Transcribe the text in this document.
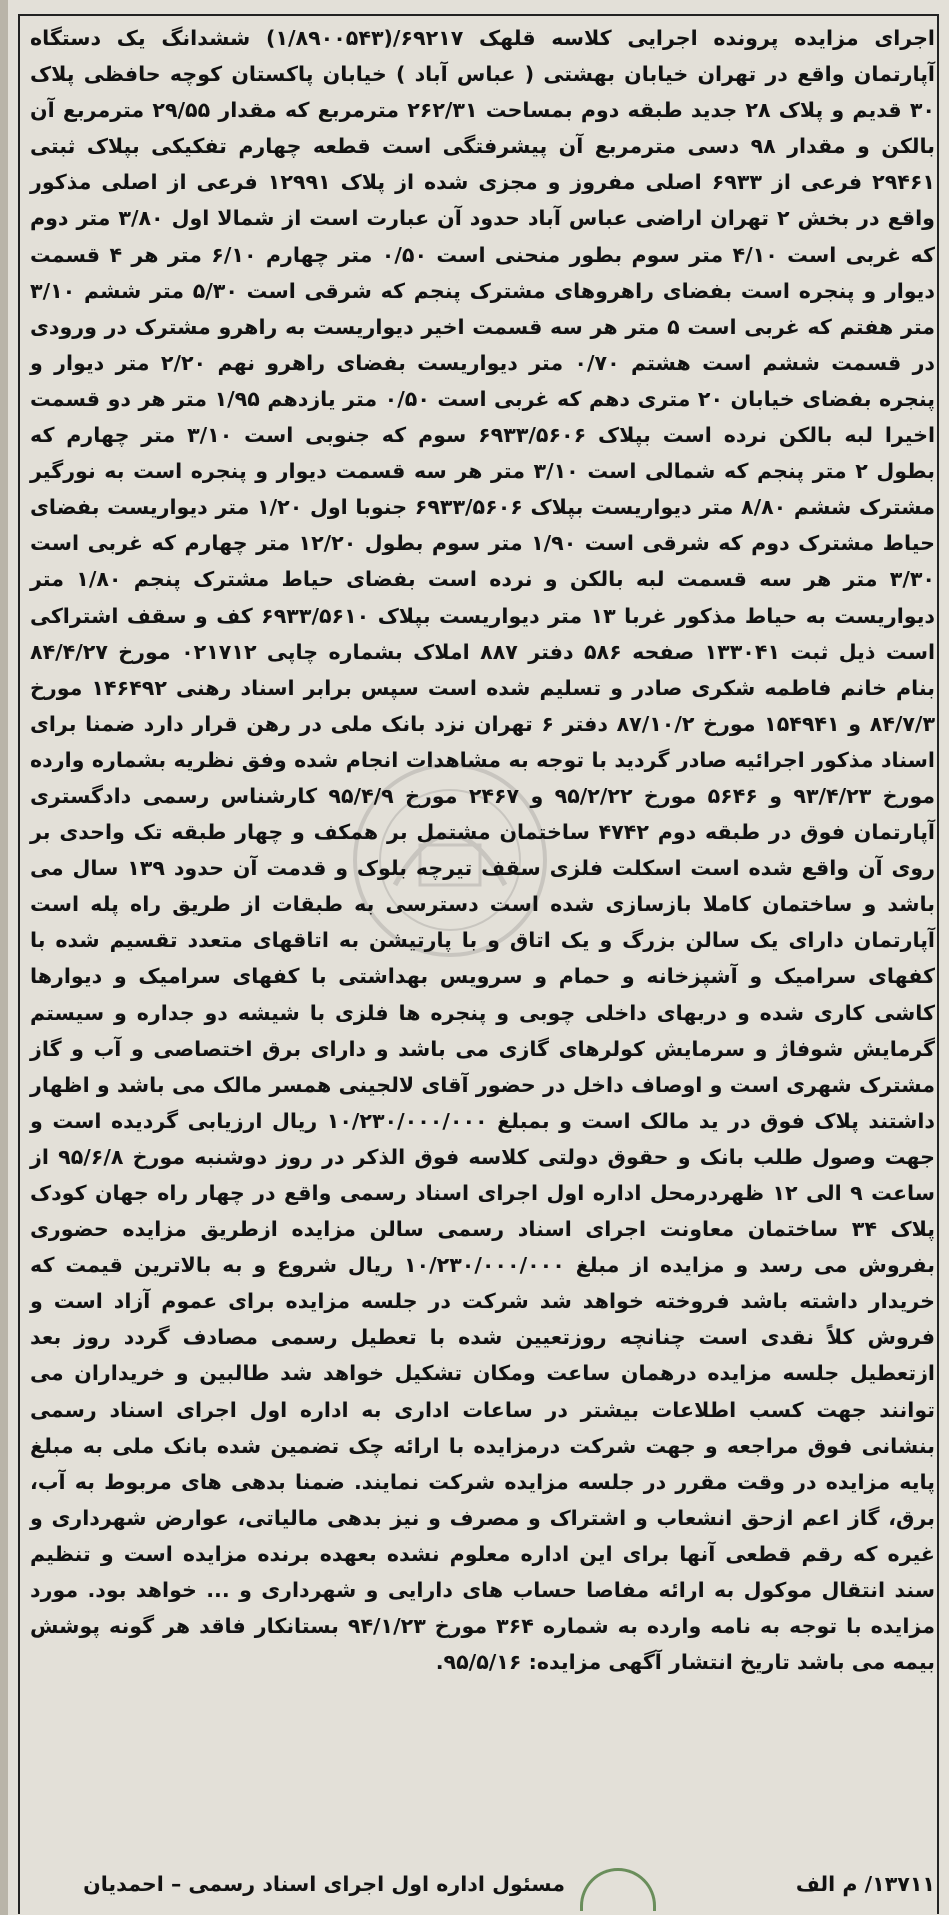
اجرای مزایده پرونده اجرایی کلاسه قلهک ۶۹۲۱۷/(۱/۸۹۰۰۵۴۳) ششدانگ یک دستگاه آپارتمان واقع در تهران خیابان بهشتی ( عباس آباد ) خیابان پاکستان کوچه حافظی پلاک ۳۰ قدیم و پلاک ۲۸ جدید طبقه دوم بمساحت ۲۶۲/۳۱ مترمربع که مقدار ۲۹/۵۵ مترمربع آن بالکن و مقدار ۹۸ دسی مترمربع آن پیشرفتگی است قطعه چهارم تفکیکی بپلاک ثبتی ۲۹۴۶۱ فرعی از ۶۹۳۳ اصلی مفروز و مجزی شده از پلاک ۱۲۹۹۱ فرعی از اصلی مذکور واقع در بخش ۲ تهران اراضی عباس آباد حدود آن عبارت است از شمالا اول ۳/۸۰ متر دوم که غربی است ۴/۱۰ متر سوم بطور منحنی است ۰/۵۰ متر چهارم ۶/۱۰ متر هر ۴ قسمت دیوار و پنجره است بفضای راهروهای مشترک پنجم که شرقی است ۵/۳۰ متر ششم ۳/۱۰ متر هفتم که غربی است ۵ متر هر سه قسمت اخیر دیواریست به راهرو مشترک در ورودی در قسمت ششم است هشتم ۰/۷۰ متر دیواریست بفضای راهرو نهم ۲/۲۰ متر دیوار و پنجره بفضای خیابان ۲۰ متری دهم که غربی است ۰/۵۰ متر یازدهم ۱/۹۵ متر هر دو قسمت اخیرا لبه بالکن نرده است بپلاک ۶۹۳۳/۵۶۰۶ سوم که جنوبی است ۳/۱۰ متر چهارم که بطول ۲ متر پنجم که شمالی است ۳/۱۰ متر هر سه قسمت دیوار و پنجره است به نورگیر مشترک ششم ۸/۸۰ متر دیواریست بپلاک ۶۹۳۳/۵۶۰۶ جنوبا اول ۱/۲۰ متر دیواریست بفضای حیاط مشترک دوم که شرقی است ۱/۹۰ متر سوم بطول ۱۲/۲۰ متر چهارم که غربی است ۳/۳۰ متر هر سه قسمت لبه بالکن و نرده است بفضای حیاط مشترک پنجم ۱/۸۰ متر دیواریست به حیاط مذکور غربا ۱۳ متر دیواریست بپلاک ۶۹۳۳/۵۶۱۰ کف و سقف اشتراکی است ذیل ثبت ۱۳۳۰۴۱ صفحه ۵۸۶ دفتر ۸۸۷ املاک بشماره چاپی ۰۲۱۷۱۲ مورخ ۸۴/۴/۲۷ بنام خانم فاطمه شکری صادر و تسلیم شده است سپس برابر اسناد رهنی ۱۴۶۴۹۲ مورخ ۸۴/۷/۳ و ۱۵۴۹۴۱ مورخ ۸۷/۱۰/۲ دفتر ۶ تهران نزد بانک ملی در رهن قرار دارد ضمنا برای اسناد مذکور اجرائیه صادر گردید با توجه به مشاهدات انجام شده وفق نظریه بشماره وارده مورخ ۹۳/۴/۲۳ و ۵۶۴۶ مورخ ۹۵/۲/۲۲ و ۲۴۶۷ مورخ ۹۵/۴/۹ کارشناس رسمی دادگستری آپارتمان فوق در طبقه دوم ۴۷۴۲ ساختمان مشتمل بر همکف و چهار طبقه تک واحدی بر روی آن واقع شده است اسکلت فلزی سقف تیرچه بلوک و قدمت آن حدود ۱۳۹ سال می باشد و ساختمان کاملا بازسازی شده است دسترسی به طبقات از طریق راه پله است آپارتمان دارای یک سالن بزرگ و یک اتاق و با پارتیشن به اتاقهای متعدد تقسیم شده با کفهای سرامیک و آشپزخانه و حمام و سرویس بهداشتی با کفهای سرامیک و دیوارها کاشی کاری شده و دربهای داخلی چوبی و پنجره ها فلزی با شیشه دو جداره و سیستم گرمایش شوفاژ و سرمایش کولرهای گازی می باشد و دارای برق اختصاصی و آب و گاز مشترک شهری است و اوصاف داخل در حضور آقای لالجینی همسر مالک می باشد و اظهار داشتند پلاک فوق در ید مالک است و بمبلغ ۱۰/۲۳۰/۰۰۰/۰۰۰ ریال ارزیابی گردیده است و جهت وصول طلب بانک و حقوق دولتی کلاسه فوق الذکر در روز دوشنبه مورخ ۹۵/۶/۸ از ساعت ۹ الی ۱۲ ظهردرمحل اداره اول اجرای اسناد رسمی واقع در چهار راه جهان کودک پلاک ۳۴ ساختمان معاونت اجرای اسناد رسمی سالن مزایده ازطریق مزایده حضوری بفروش می رسد و مزایده از مبلغ ۱۰/۲۳۰/۰۰۰/۰۰۰ ریال شروع و به بالاترین قیمت که خریدار داشته باشد فروخته خواهد شد شرکت در جلسه مزایده برای عموم آزاد است و فروش کلاً نقدی است چنانچه روزتعیین شده با تعطیل رسمی مصادف گردد روز بعد ازتعطیل جلسه مزایده درهمان ساعت ومکان تشکیل خواهد شد طالبین و خریداران می توانند جهت کسب اطلاعات بیشتر در ساعات اداری به اداره اول اجرای اسناد رسمی بنشانی فوق مراجعه و جهت شرکت درمزایده با ارائه چک تضمین شده بانک ملی به مبلغ پایه مزایده در وقت مقرر در جلسه مزایده شرکت نمایند. ضمنا بدهی های مربوط به آب، برق، گاز اعم ازحق انشعاب و اشتراک و مصرف و نیز بدهی مالیاتی، عوارض شهرداری و غیره که رقم قطعی آنها برای این اداره معلوم نشده بعهده برنده مزایده است و تنظیم سند انتقال موکول به ارائه مفاصا حساب های دارایی و شهرداری و ... خواهد بود. مورد مزایده با توجه به نامه وارده به شماره ۳۶۴ مورخ ۹۴/۱/۲۳ بستانکار فاقد هر گونه پوشش بیمه می باشد تاریخ انتشار آگهی مزایده: ۹۵/۵/۱۶.

۱۳۷۱۱/ م الف
مسئول اداره اول اجرای اسناد رسمی – احمدیان
